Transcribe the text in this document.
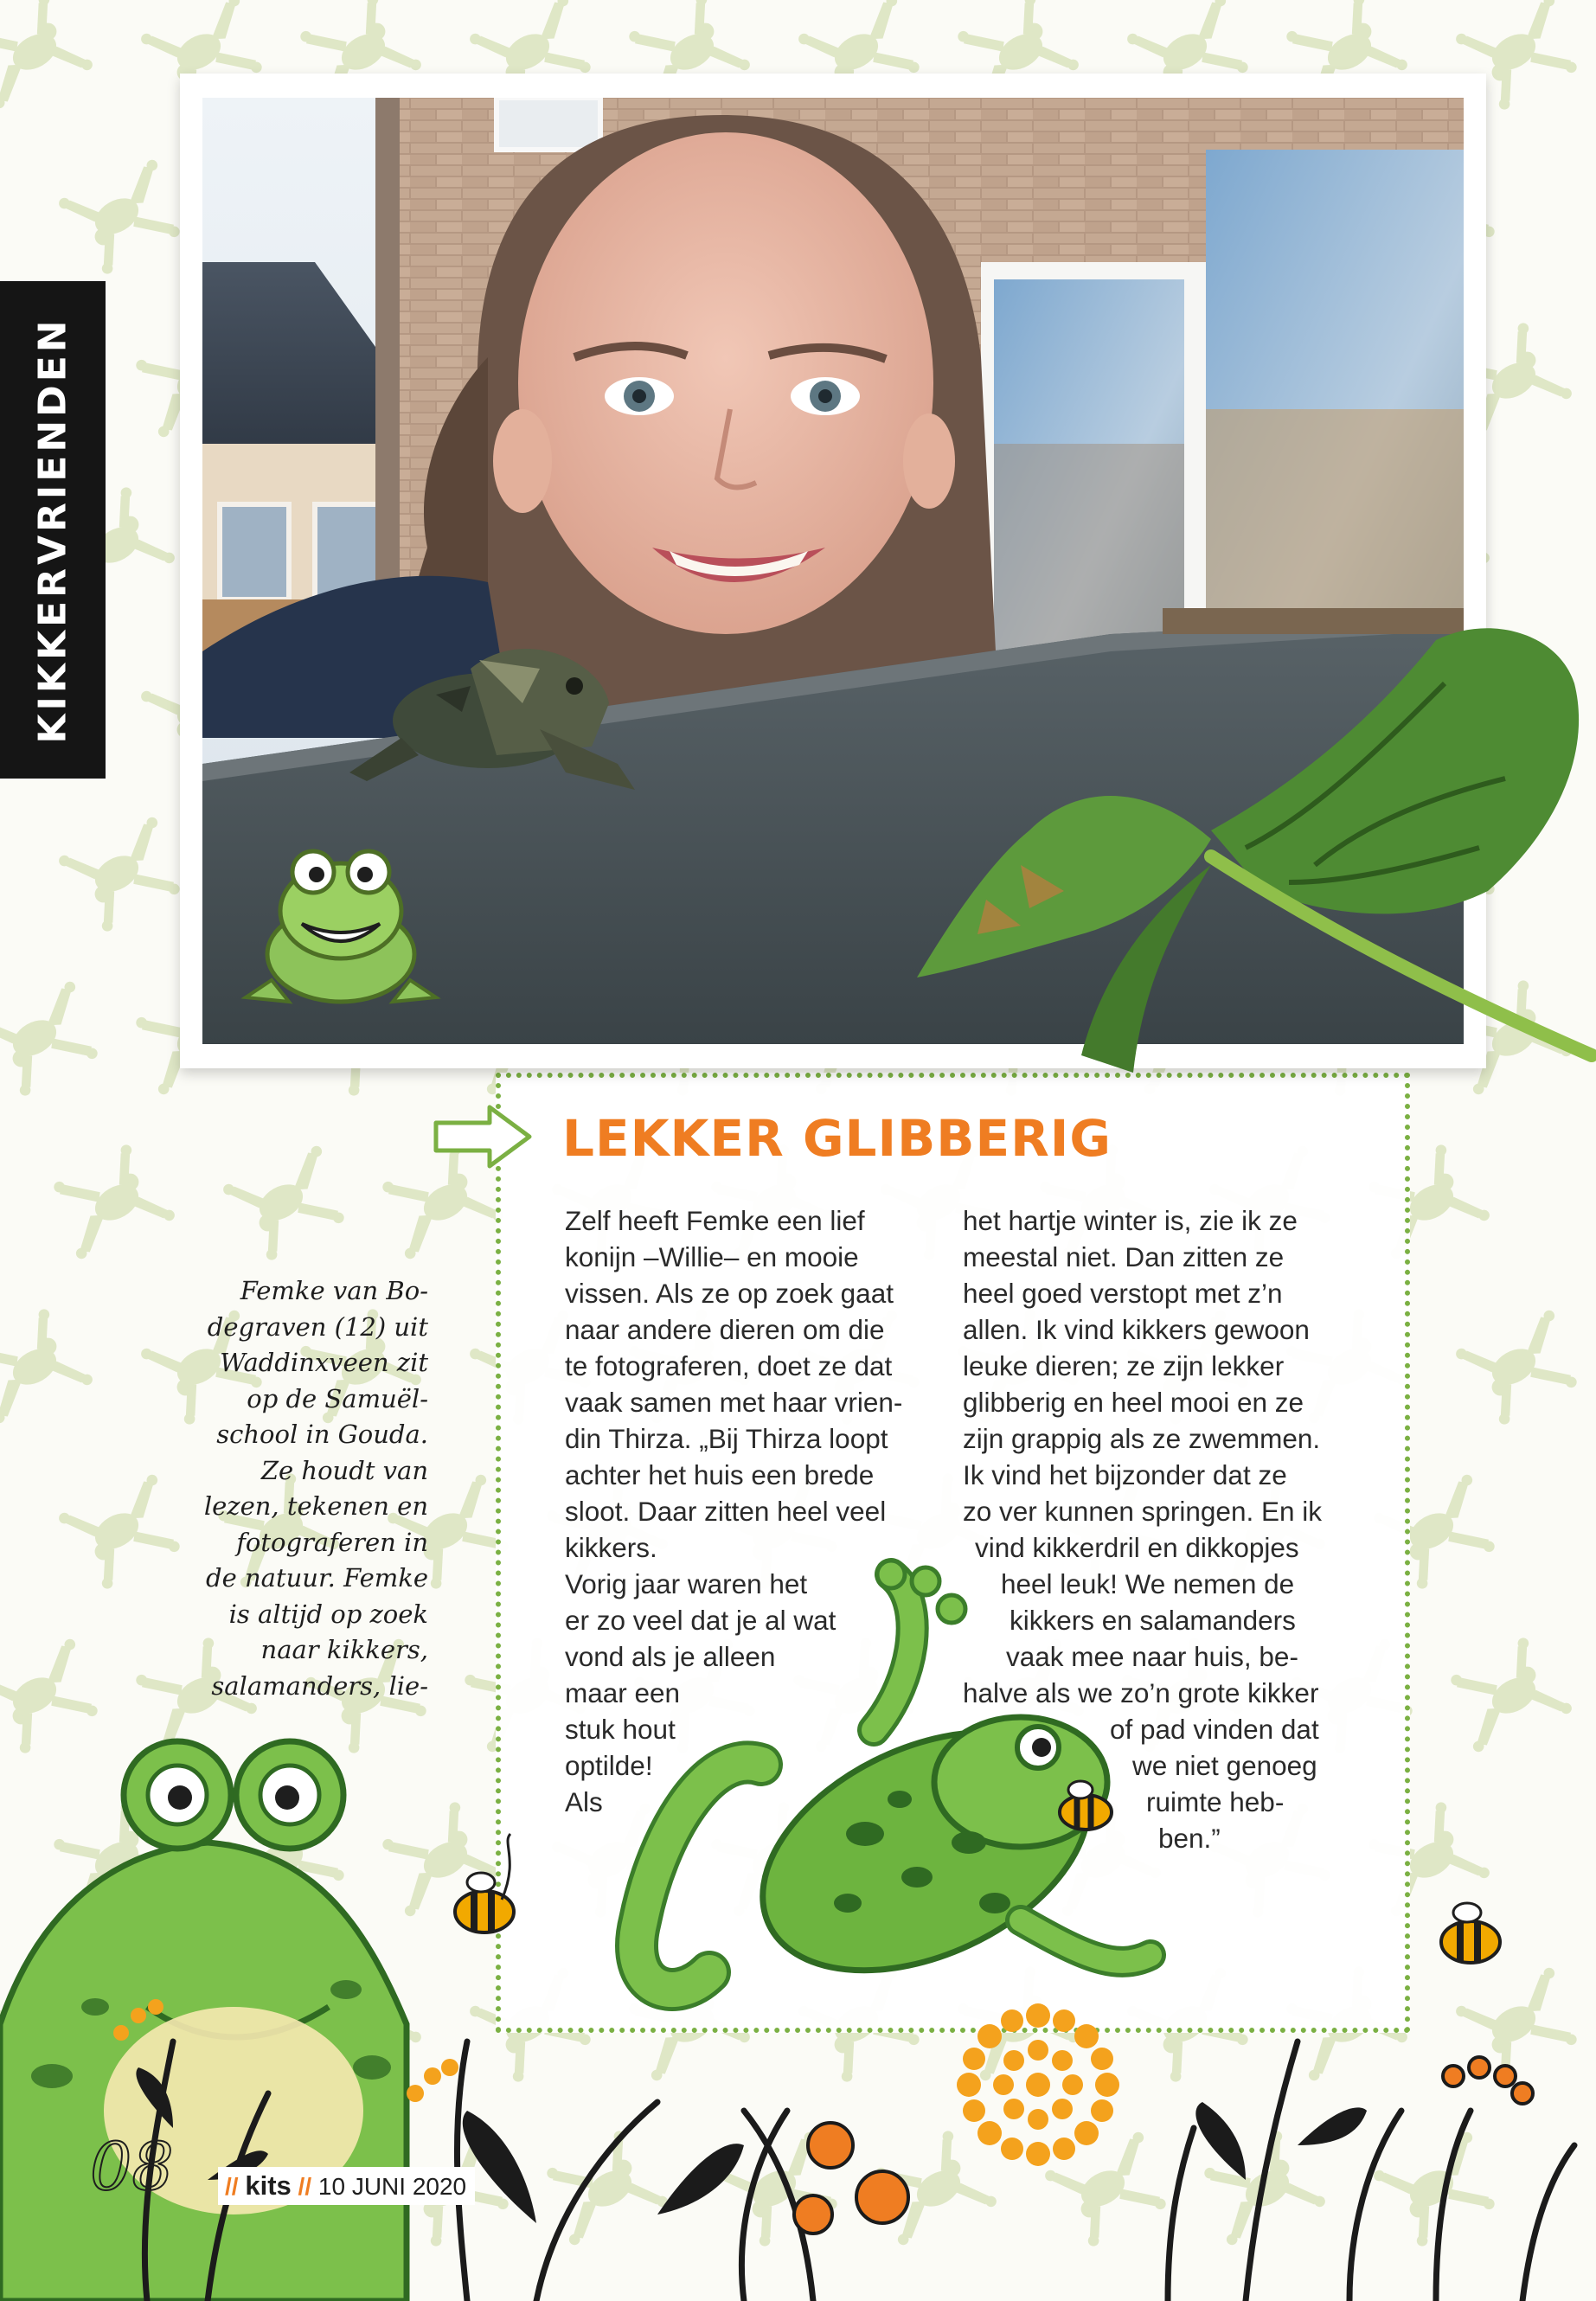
KIKKERVRIENDEN
LEKKER GLIBBERIG

Zelf heeft Femke een lief
konijn –Willie– en mooie
vissen. Als ze op zoek gaat
naar andere dieren om die
te fotograferen, doet ze dat
vaak samen met haar vrien-
din Thirza. „Bij Thirza loopt
achter het huis een brede
sloot. Daar zitten heel veel
kikkers.
Vorig jaar waren het
er zo veel dat je al wat
vond als je alleen
maar een
stuk hout
optilde!
Als

het hartje winter is, zie ik ze
meestal niet. Dan zitten ze
heel goed verstopt met z’n
allen. Ik vind kikkers gewoon
leuke dieren; ze zijn lekker
glibberig en heel mooi en ze
zijn grappig als ze zwemmen.
Ik vind het bijzonder dat ze
zo ver kunnen springen. En ik
vind kikkerdril en dikkopjes
heel leuk! We nemen de
kikkers en salamanders
vaak mee naar huis, be-
halve als we zo’n grote kikker
of pad vinden dat
we niet genoeg
ruimte heb-
ben.”

Femke van Bo-
degraven (12) uit
Waddinxveen zit
op de Samuël-
school in Gouda.
Ze houdt van
lezen, tekenen en
fotograferen in
de natuur. Femke
is altijd op zoek
naar kikkers,
salamanders, lie-

08 // kits // 10 JUNI 2020
